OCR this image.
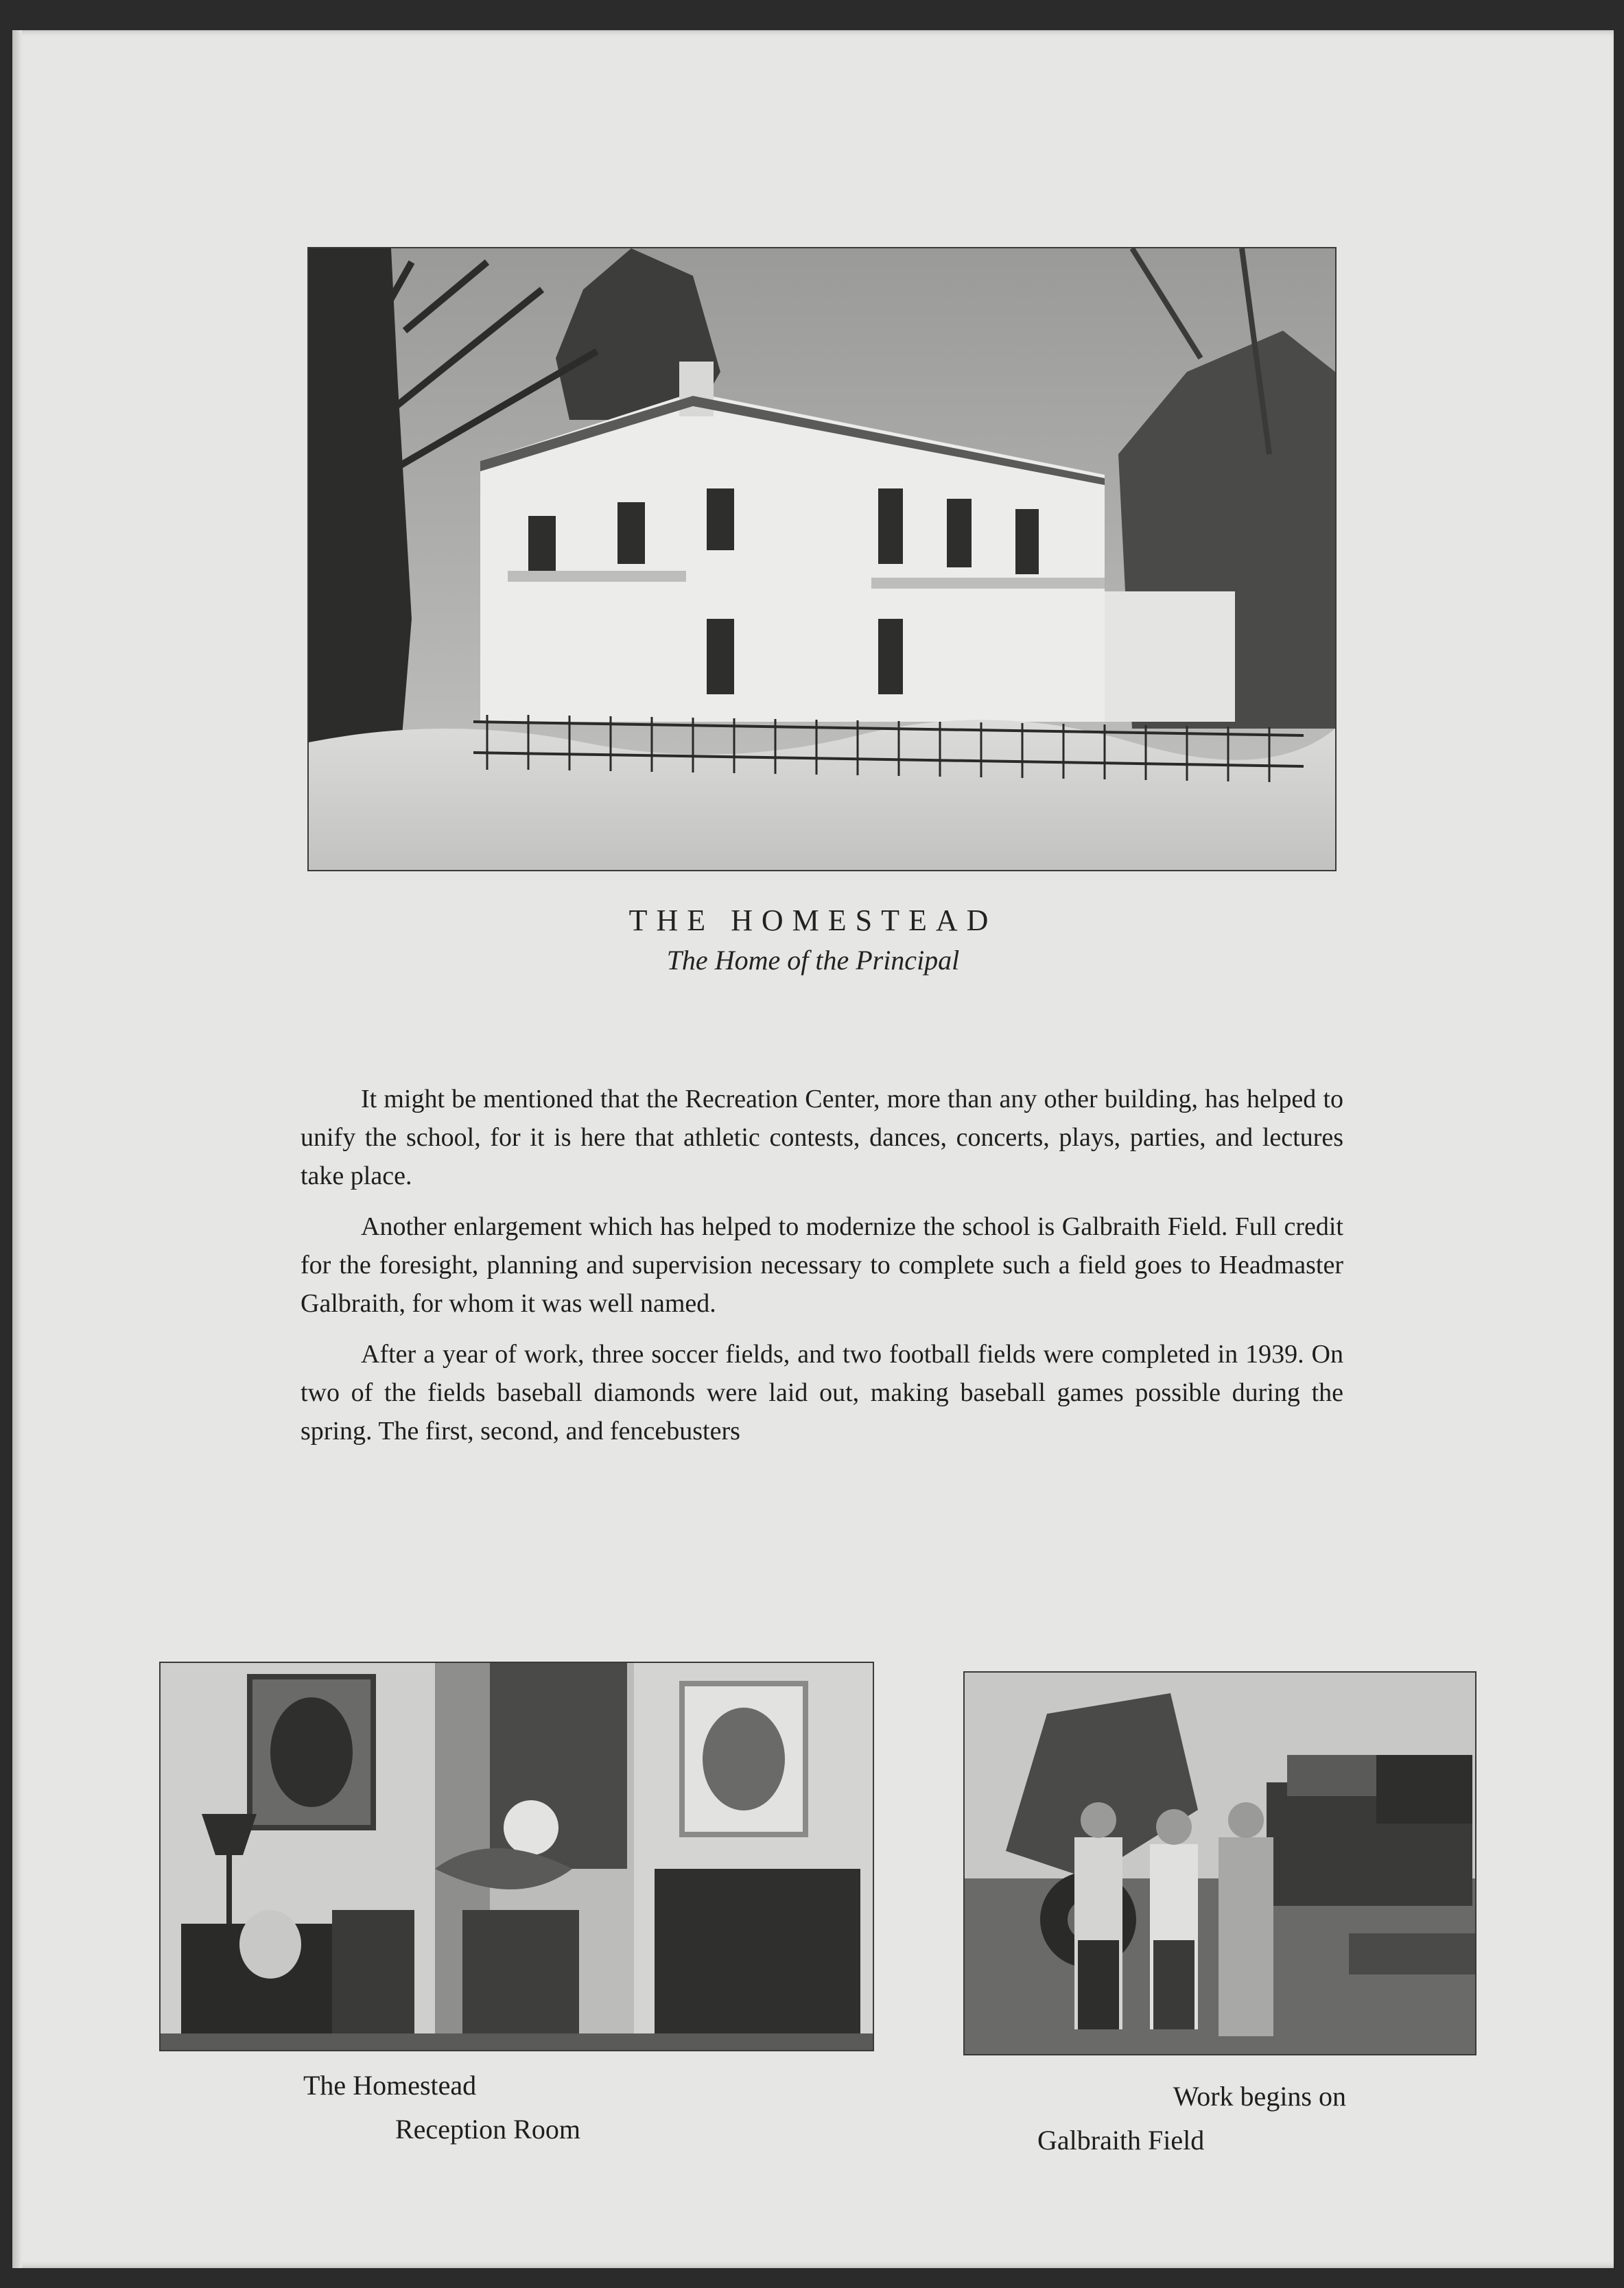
THE HOMESTEAD
The Home of the Principal

It might be mentioned that the Recreation Center, more than any other building, has helped to unify the school, for it is here that athletic contests, dances, concerts, plays, parties, and lectures take place.

Another enlargement which has helped to modernize the school is Galbraith Field. Full credit for the foresight, planning and supervision necessary to complete such a field goes to Headmaster Galbraith, for whom it was well named.

After a year of work, three soccer fields, and two football fields were completed in 1939. On two of the fields baseball diamonds were laid out, making baseball games possible during the spring. The first, second, and fencebusters

The Homestead
Reception Room
Work begins on
Galbraith Field
